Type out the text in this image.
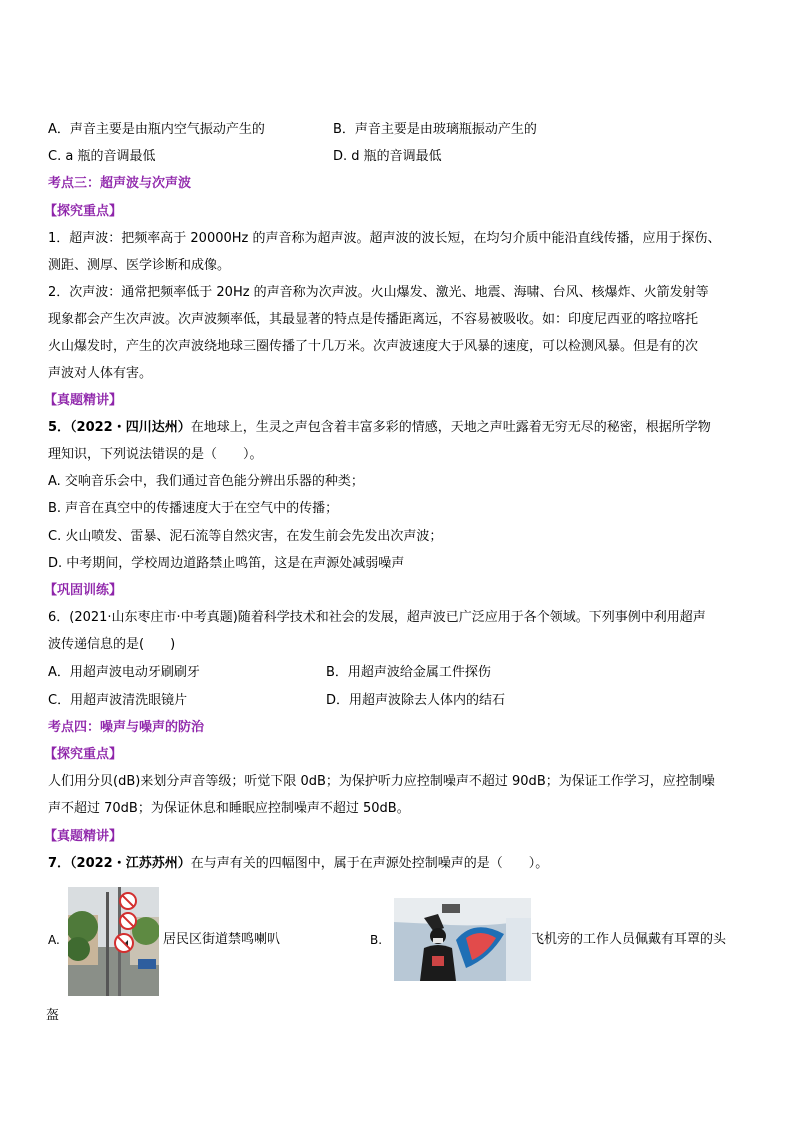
A．声音主要是由瓶内空气振动产生的	B．声音主要是由玻璃瓶振动产生的
C. a 瓶的音调最低	D. d 瓶的音调最低
考点三：超声波与次声波
【探究重点】
1．超声波：把频率高于 20000Hz 的声音称为超声波。超声波的波长短，在均匀介质中能沿直线传播，应用于探伤、
测距、测厚、医学诊断和成像。
2．次声波：通常把频率低于 20Hz 的声音称为次声波。火山爆发、激光、地震、海啸、台风、核爆炸、火箭发射等
现象都会产生次声波。次声波频率低，其最显著的特点是传播距离远，不容易被吸收。如：印度尼西亚的喀拉喀托
火山爆发时，产生的次声波绕地球三圈传播了十几万米。次声波速度大于风暴的速度，可以检测风暴。但是有的次
声波对人体有害。
【真题精讲】
5．（2022・四川达州）在地球上，生灵之声包含着丰富多彩的情感，天地之声吐露着无穷无尽的秘密，根据所学物
理知识，下列说法错误的是（　　）。
A. 交响音乐会中，我们通过音色能分辨出乐器的种类；
B. 声音在真空中的传播速度大于在空气中的传播；
C. 火山喷发、雷暴、泥石流等自然灾害，在发生前会先发出次声波；
D. 中考期间，学校周边道路禁止鸣笛，这是在声源处减弱噪声
【巩固训练】
6．(2021·山东枣庄市·中考真题)随着科学技术和社会的发展，超声波已广泛应用于各个领域。下列事例中利用超声
波传递信息的是(　　)
A．用超声波电动牙刷刷牙	B．用超声波给金属工件探伤
C．用超声波清洗眼镜片	D．用超声波除去人体内的结石
考点四：噪声与噪声的防治
【探究重点】
人们用分贝(dB)来划分声音等级；听觉下限 0dB；为保护听力应控制噪声不超过 90dB；为保证工作学习，应控制噪
声不超过 70dB；为保证休息和睡眠应控制噪声不超过 50dB。
【真题精讲】
7．（2022・江苏苏州）在与声有关的四幅图中，属于在声源处控制噪声的是（　　）。
A.	居民区街道禁鸣喇叭	B.	飞机旁的工作人员佩戴有耳罩的头
盔
